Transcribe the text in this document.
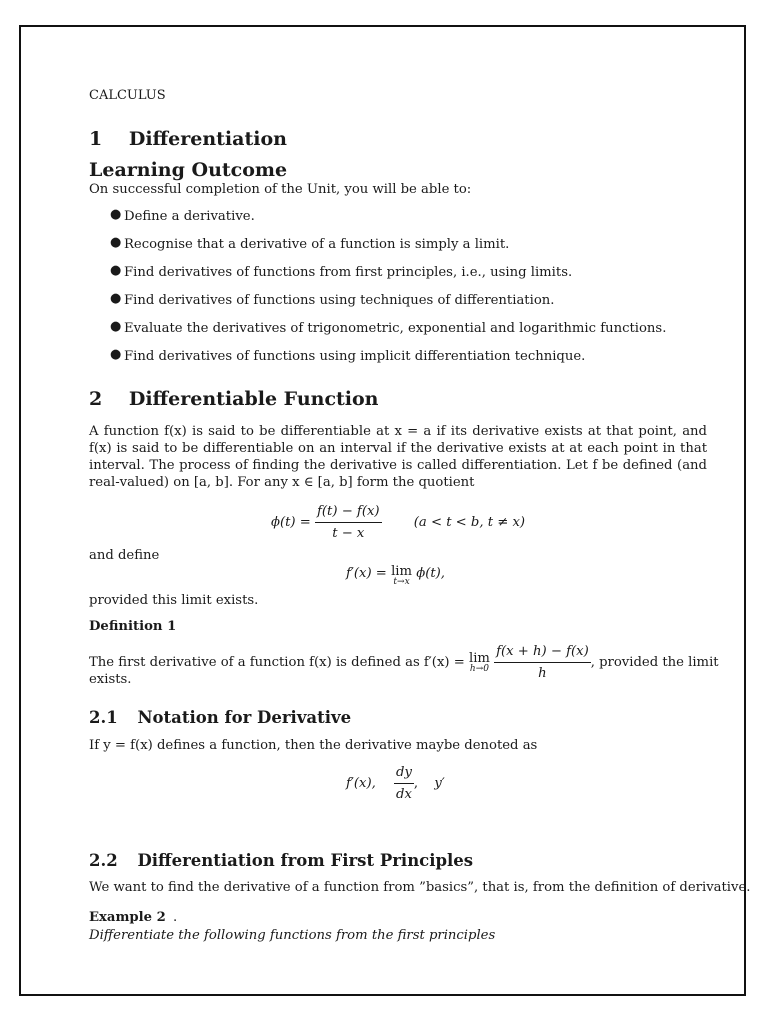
CALCULUS
1 Differentiation
Learning Outcome
On successful completion of the Unit, you will be able to:
● Define a derivative.
● Recognise that a derivative of a function is simply a limit.
● Find derivatives of functions from first principles, i.e., using limits.
● Find derivatives of functions using techniques of differentiation.
● Evaluate the derivatives of trigonometric, exponential and logarithmic functions.
● Find derivatives of functions using implicit differentiation technique.
2 Differentiable Function
A function f(x) is said to be differentiable at x = a if its derivative exists at that point, and f(x) is said to be differentiable on an interval if the derivative exists at at each point in that interval. The process of finding the derivative is called differentiation. Let f be defined (and real-valued) on [a, b]. For any x ∈ [a, b] form the quotient
$\phi(t) = \frac{f(t) - f(x)}{t - x} (a < t < b$, t ≠ x)
and define
f′(x) = lim
t→x
ϕ(t),
provided this limit exists.
Definition 1
The first derivative of a function f(x) is defined as f′(x) = lim
h→0
$\frac{f(x + h) - f(x)}{h}$ , provided the limit
exists.
2.1 Notation for Derivative
If y = f(x) defines a function, then the derivative maybe denoted as
f′(x), $\frac{dy}{dx}$ , y′
2.2 Differentiation from First Principles
We want to find the derivative of a function from ”basics”, that is, from the definition of derivative.
Example 2 .
Differentiate the following functions from the first principles
